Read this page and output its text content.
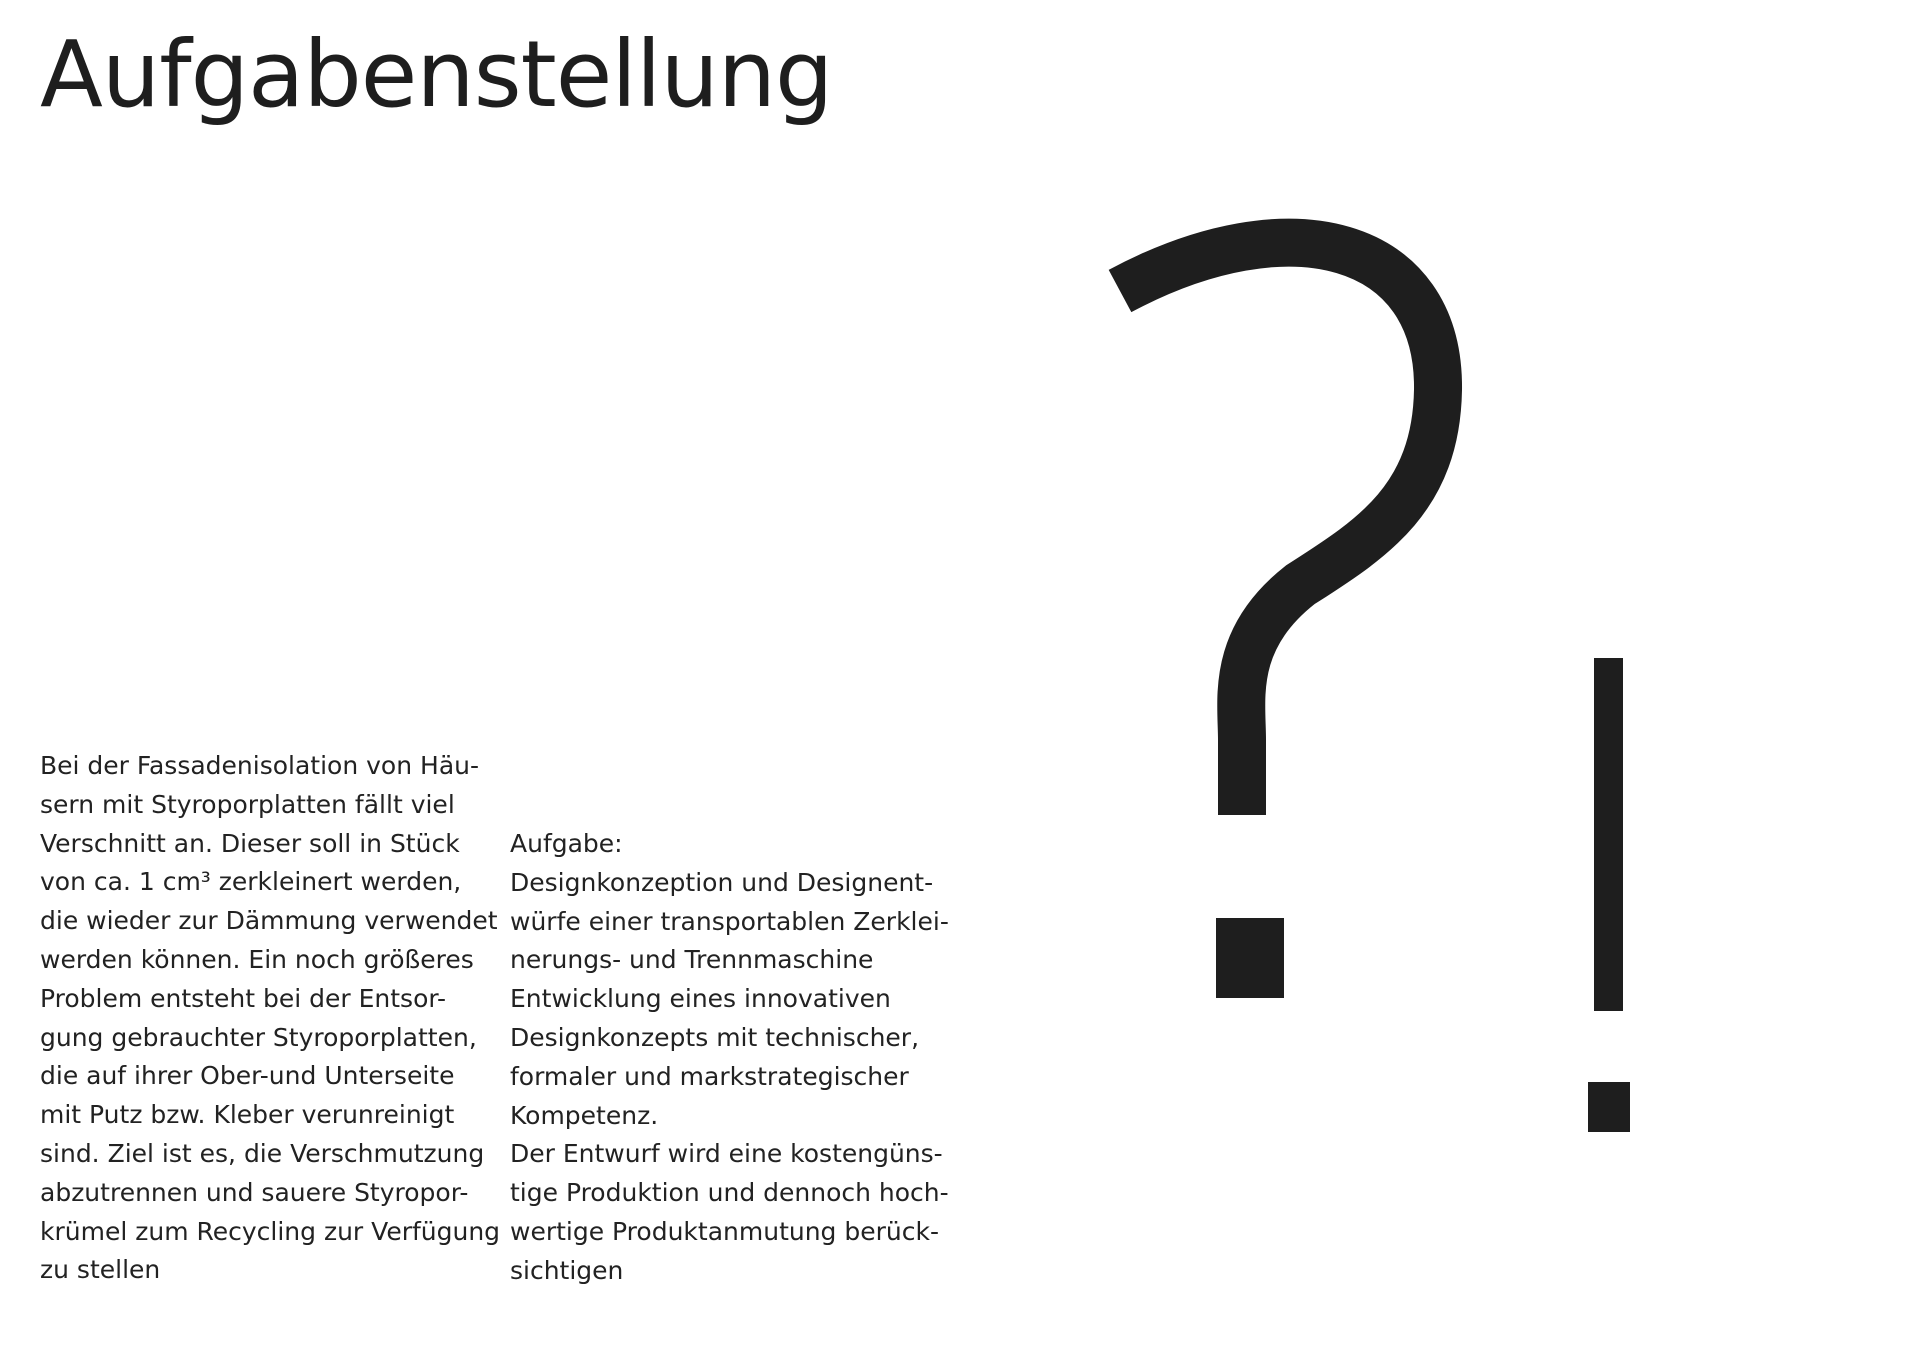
Aufgabenstellung
Bei der Fassadenisolation von Häu-
sern mit Styroporplatten fällt viel
Verschnitt an. Dieser soll in Stück
von ca. 1 cm³ zerkleinert werden,
die wieder zur Dämmung verwendet
werden können. Ein noch größeres
Problem entsteht bei der Entsor-
gung gebrauchter Styroporplatten,
die auf ihrer Ober-und Unterseite
mit Putz bzw. Kleber verunreinigt
sind. Ziel ist es, die Verschmutzung
abzutrennen und sauere Styropor-
krümel zum Recycling zur Verfügung
zu stellen
Aufgabe:
Designkonzeption und Designent-
würfe einer transportablen Zerklei-
nerungs- und Trennmaschine
Entwicklung eines innovativen
Designkonzepts mit technischer,
formaler und markstrategischer
Kompetenz.
Der Entwurf wird eine kostengüns-
tige Produktion und dennoch hoch-
wertige Produktanmutung berück-
sichtigen
